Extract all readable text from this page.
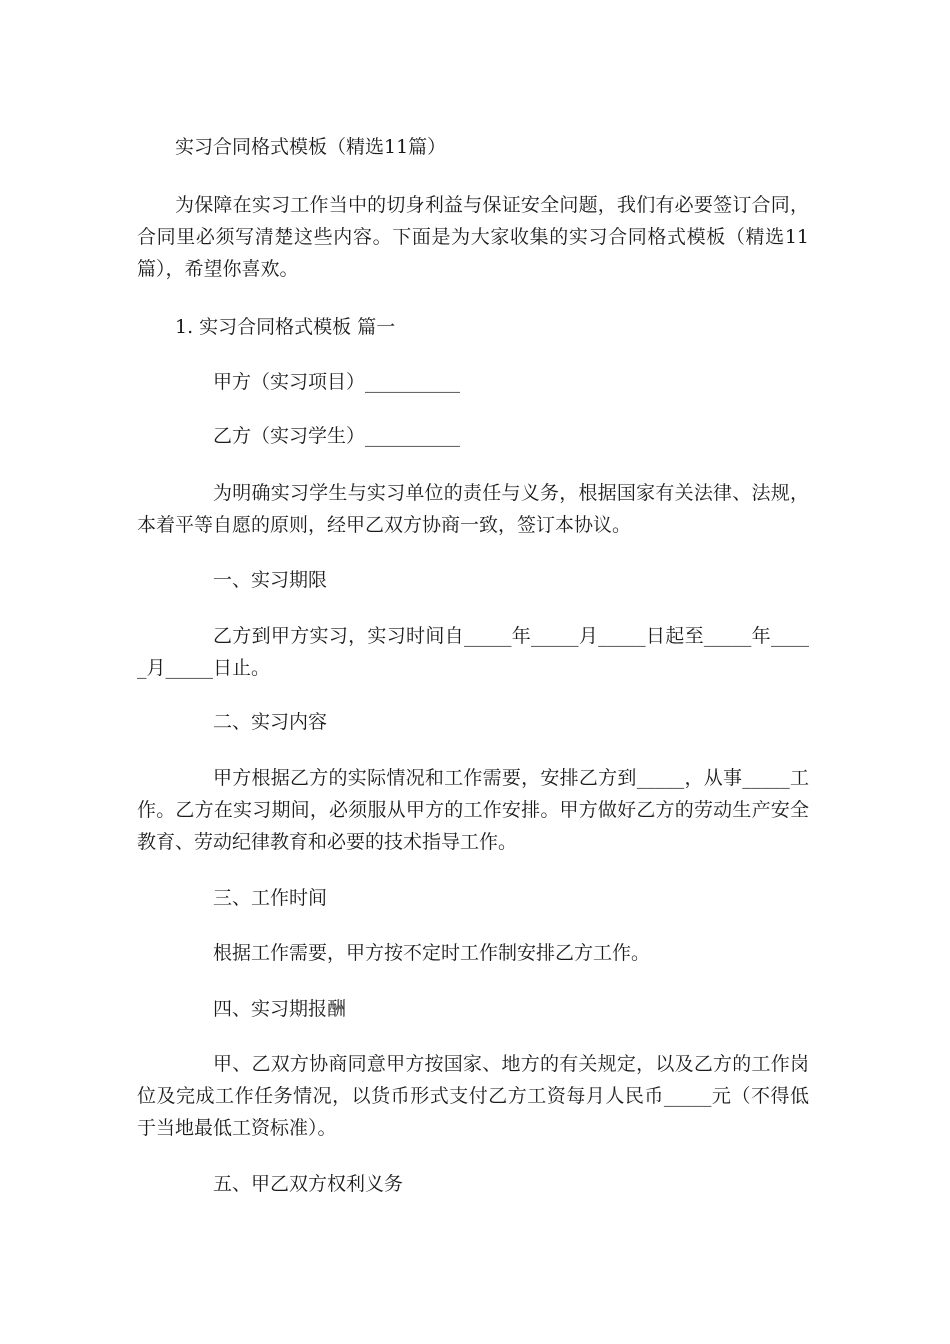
实习合同格式模板（精选11篇）
为保障在实习工作当中的切身利益与保证安全问题，我们有必要签订合同，
合同里必须写清楚这些内容。下面是为大家收集的实习合同格式模板（精选11
篇），希望你喜欢。
1. 实习合同格式模板 篇一
甲方（实习项目）__________
乙方（实习学生）__________
为明确实习学生与实习单位的责任与义务，根据国家有关法律、法规，
本着平等自愿的原则，经甲乙双方协商一致，签订本协议。
一、实习期限
乙方到甲方实习，实习时间自_____年_____月_____日起至_____年____
_月_____日止。
二、实习内容
甲方根据乙方的实际情况和工作需要，安排乙方到_____，从事_____工
作。乙方在实习期间，必须服从甲方的工作安排。甲方做好乙方的劳动生产安全
教育、劳动纪律教育和必要的技术指导工作。
三、工作时间
根据工作需要，甲方按不定时工作制安排乙方工作。
四、实习期报酬
甲、乙双方协商同意甲方按国家、地方的有关规定，以及乙方的工作岗
位及完成工作任务情况，以货币形式支付乙方工资每月人民币_____元（不得低
于当地最低工资标准）。
五、甲乙双方权利义务
